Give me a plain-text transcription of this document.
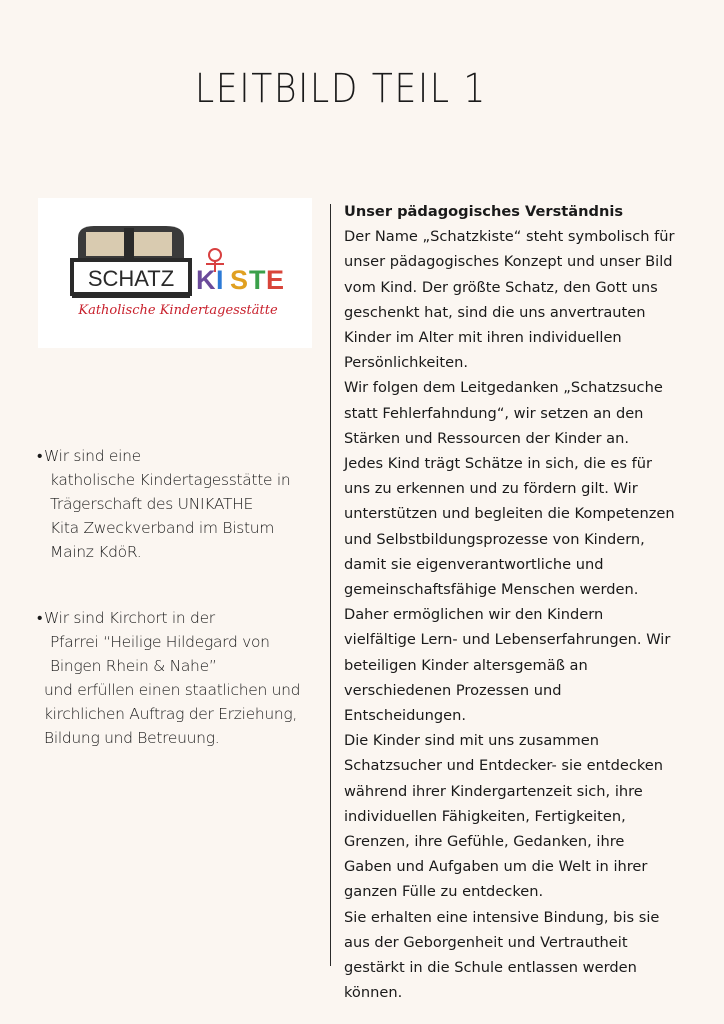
LEITBILD TEIL 1
SCHATZ K I S T E
Katholische Kindertagesstätte
• Wir sind eine
katholische Kindertagesstätte in
Trägerschaft des UNIKATHE
Kita Zweckverband im Bistum
Mainz KdöR.
• Wir sind Kirchort in der
Pfarrei “Heilige Hildegard von
Bingen Rhein & Nahe”
und erfüllen einen staatlichen und
kirchlichen Auftrag der Erziehung,
Bildung und Betreuung.
Unser pädagogisches Verständnis
Der Name „Schatzkiste“ steht symbolisch für
unser pädagogisches Konzept und unser Bild
vom Kind. Der größte Schatz, den Gott uns
geschenkt hat, sind die uns anvertrauten
Kinder im Alter mit ihren individuellen
Persönlichkeiten.
Wir folgen dem Leitgedanken „Schatzsuche
statt Fehlerfahndung“, wir setzen an den
Stärken und Ressourcen der Kinder an.
Jedes Kind trägt Schätze in sich, die es für
uns zu erkennen und zu fördern gilt. Wir
unterstützen und begleiten die Kompetenzen
und Selbstbildungsprozesse von Kindern,
damit sie eigenverantwortliche und
gemeinschaftsfähige Menschen werden.
Daher ermöglichen wir den Kindern
vielfältige Lern- und Lebenserfahrungen. Wir
beteiligen Kinder altersgemäß an
verschiedenen Prozessen und
Entscheidungen.
Die Kinder sind mit uns zusammen
Schatzsucher und Entdecker- sie entdecken
während ihrer Kindergartenzeit sich, ihre
individuellen Fähigkeiten, Fertigkeiten,
Grenzen, ihre Gefühle, Gedanken, ihre
Gaben und Aufgaben um die Welt in ihrer
ganzen Fülle zu entdecken.
Sie erhalten eine intensive Bindung, bis sie
aus der Geborgenheit und Vertrautheit
gestärkt in die Schule entlassen werden
können.
